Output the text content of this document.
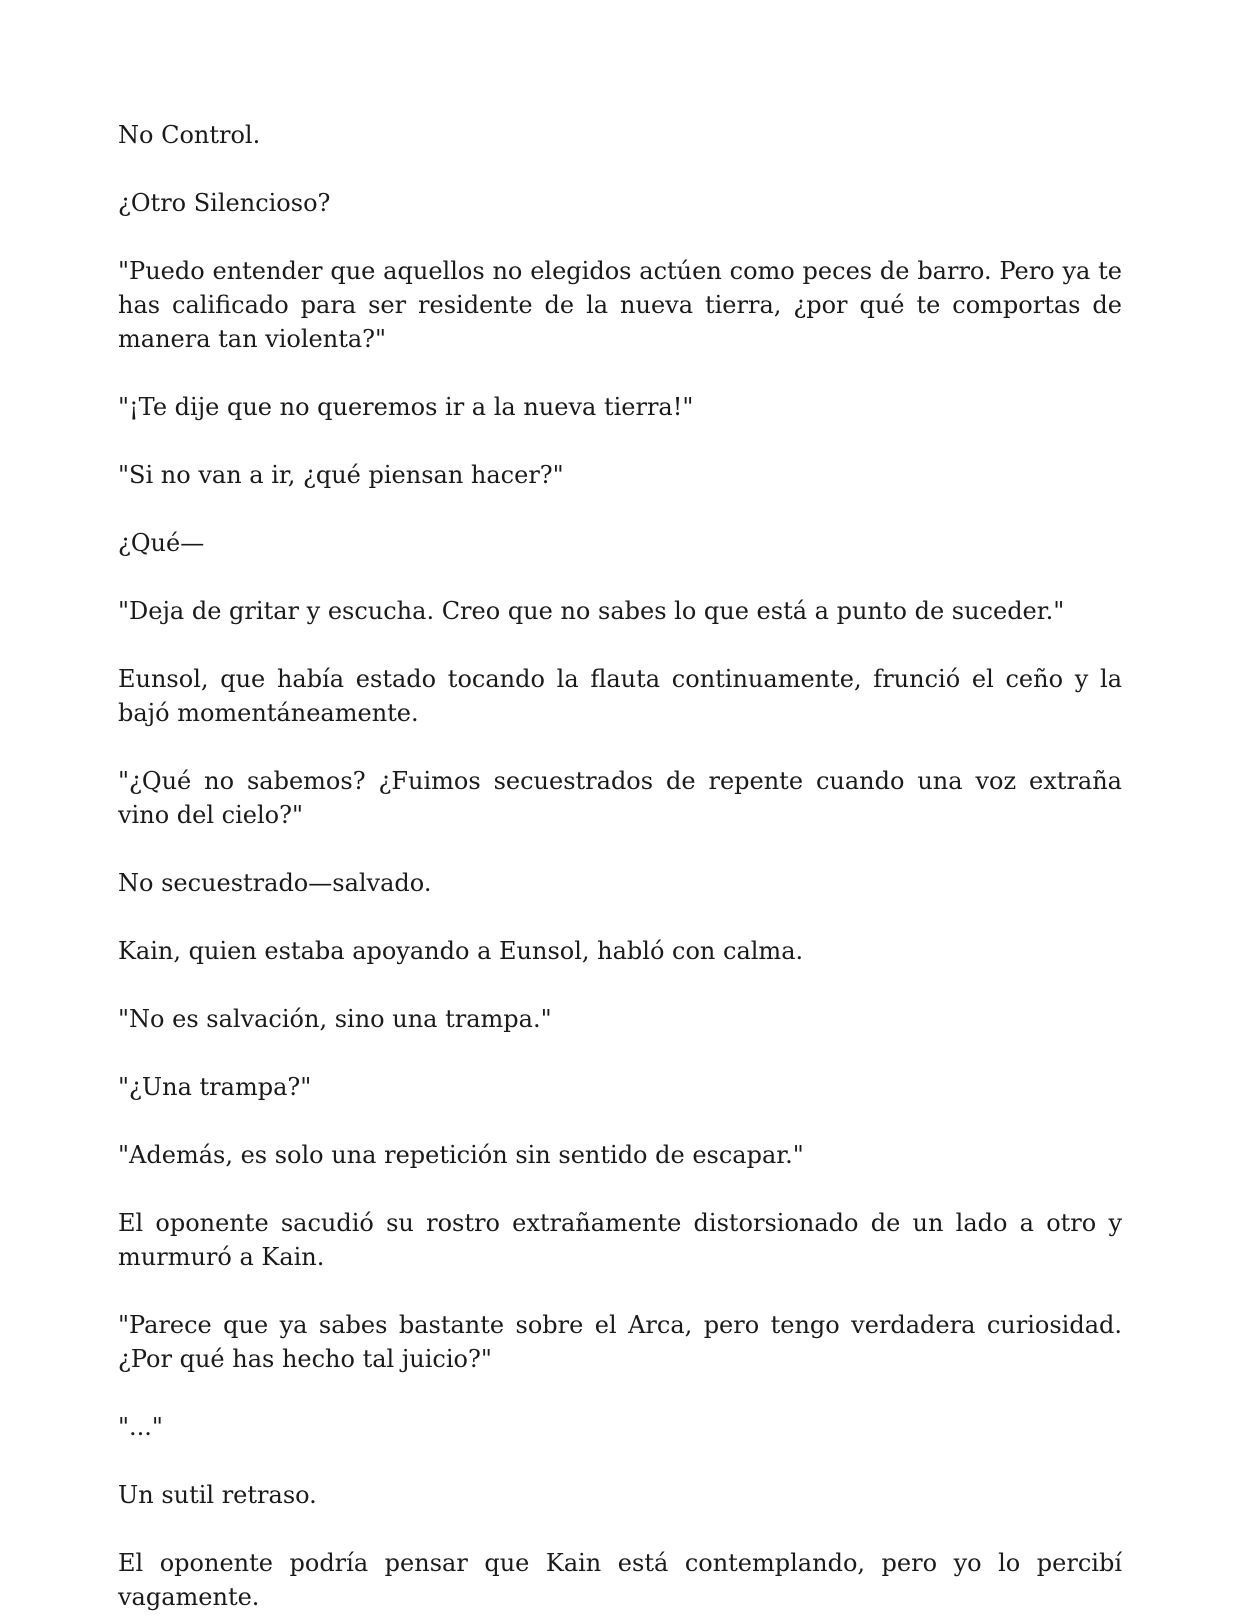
No Control.

¿Otro Silencioso?

"Puedo entender que aquellos no elegidos actúen como peces de barro. Pero ya te has calificado para ser residente de la nueva tierra, ¿por qué te comportas de manera tan violenta?"

"¡Te dije que no queremos ir a la nueva tierra!"

"Si no van a ir, ¿qué piensan hacer?"

¿Qué—

"Deja de gritar y escucha. Creo que no sabes lo que está a punto de suceder."

Eunsol, que había estado tocando la flauta continuamente, frunció el ceño y la bajó momentáneamente.

"¿Qué no sabemos? ¿Fuimos secuestrados de repente cuando una voz extraña vino del cielo?"

No secuestrado—salvado.

Kain, quien estaba apoyando a Eunsol, habló con calma.

"No es salvación, sino una trampa."

"¿Una trampa?"

"Además, es solo una repetición sin sentido de escapar."

El oponente sacudió su rostro extrañamente distorsionado de un lado a otro y murmuró a Kain.

"Parece que ya sabes bastante sobre el Arca, pero tengo verdadera curiosidad. ¿Por qué has hecho tal juicio?"

"..."

Un sutil retraso.

El oponente podría pensar que Kain está contemplando, pero yo lo percibí vagamente.
